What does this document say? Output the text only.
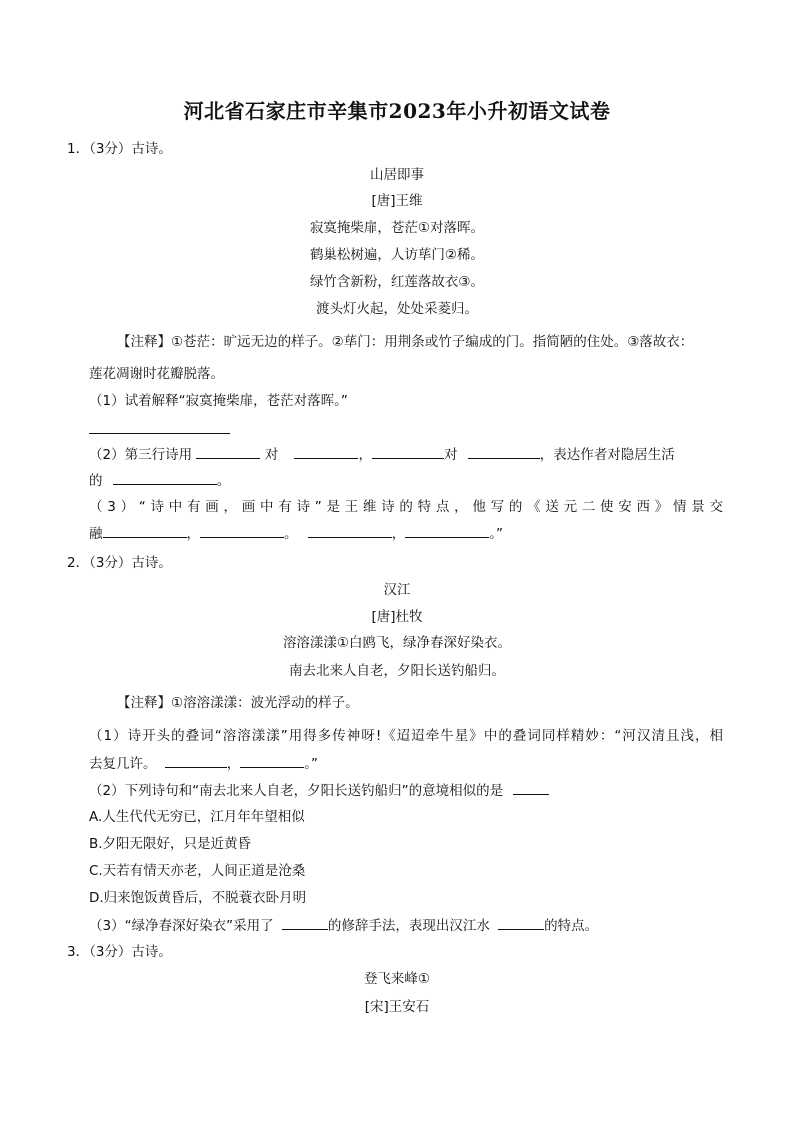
河北省石家庄市辛集市2023年小升初语文试卷
1．（3分）古诗。
山居即事
[唐]王维
寂寞掩柴扉，苍茫①对落晖。
鹤巢松树遍，人访荜门②稀。
绿竹含新粉，红莲落故衣③。
渡头灯火起，处处采菱归。
【注释】①苍茫：旷远无边的样子。②荜门：用荆条或竹子编成的门。指简陋的住处。③落故衣：
莲花凋谢时花瓣脱落。
（1）试着解释“寂寞掩柴扉，苍茫对落晖。”
（2）第三行诗用	对	，	对	，表达作者对隐居生活
的	。
（3）“诗中有画，画中有诗”是王维诗的特点，他写的《送元二使安西》情景交
融	，	。	，	。”
2．（3分）古诗。
汉江
[唐]杜牧
溶溶漾漾①白鸥飞，绿净春深好染衣。
南去北来人自老，夕阳长送钓船归。
【注释】①溶溶漾漾：波光浮动的样子。
（1）诗开头的叠词“溶溶漾漾”用得多传神呀!《迢迢牵牛星》中的叠词同样精妙：“河汉清且浅，相
去复几许。	，	。”
（2）下列诗句和“南去北来人自老，夕阳长送钓船归”的意境相似的是
A.人生代代无穷已，江月年年望相似
B.夕阳无限好，只是近黄昏
C.天若有情天亦老，人间正道是沧桑
D.归来饱饭黄昏后，不脱蓑衣卧月明
（3）“绿净春深好染衣”采用了	的修辞手法，表现出汉江水	的特点。
3．（3分）古诗。
登飞来峰①
[宋]王安石
